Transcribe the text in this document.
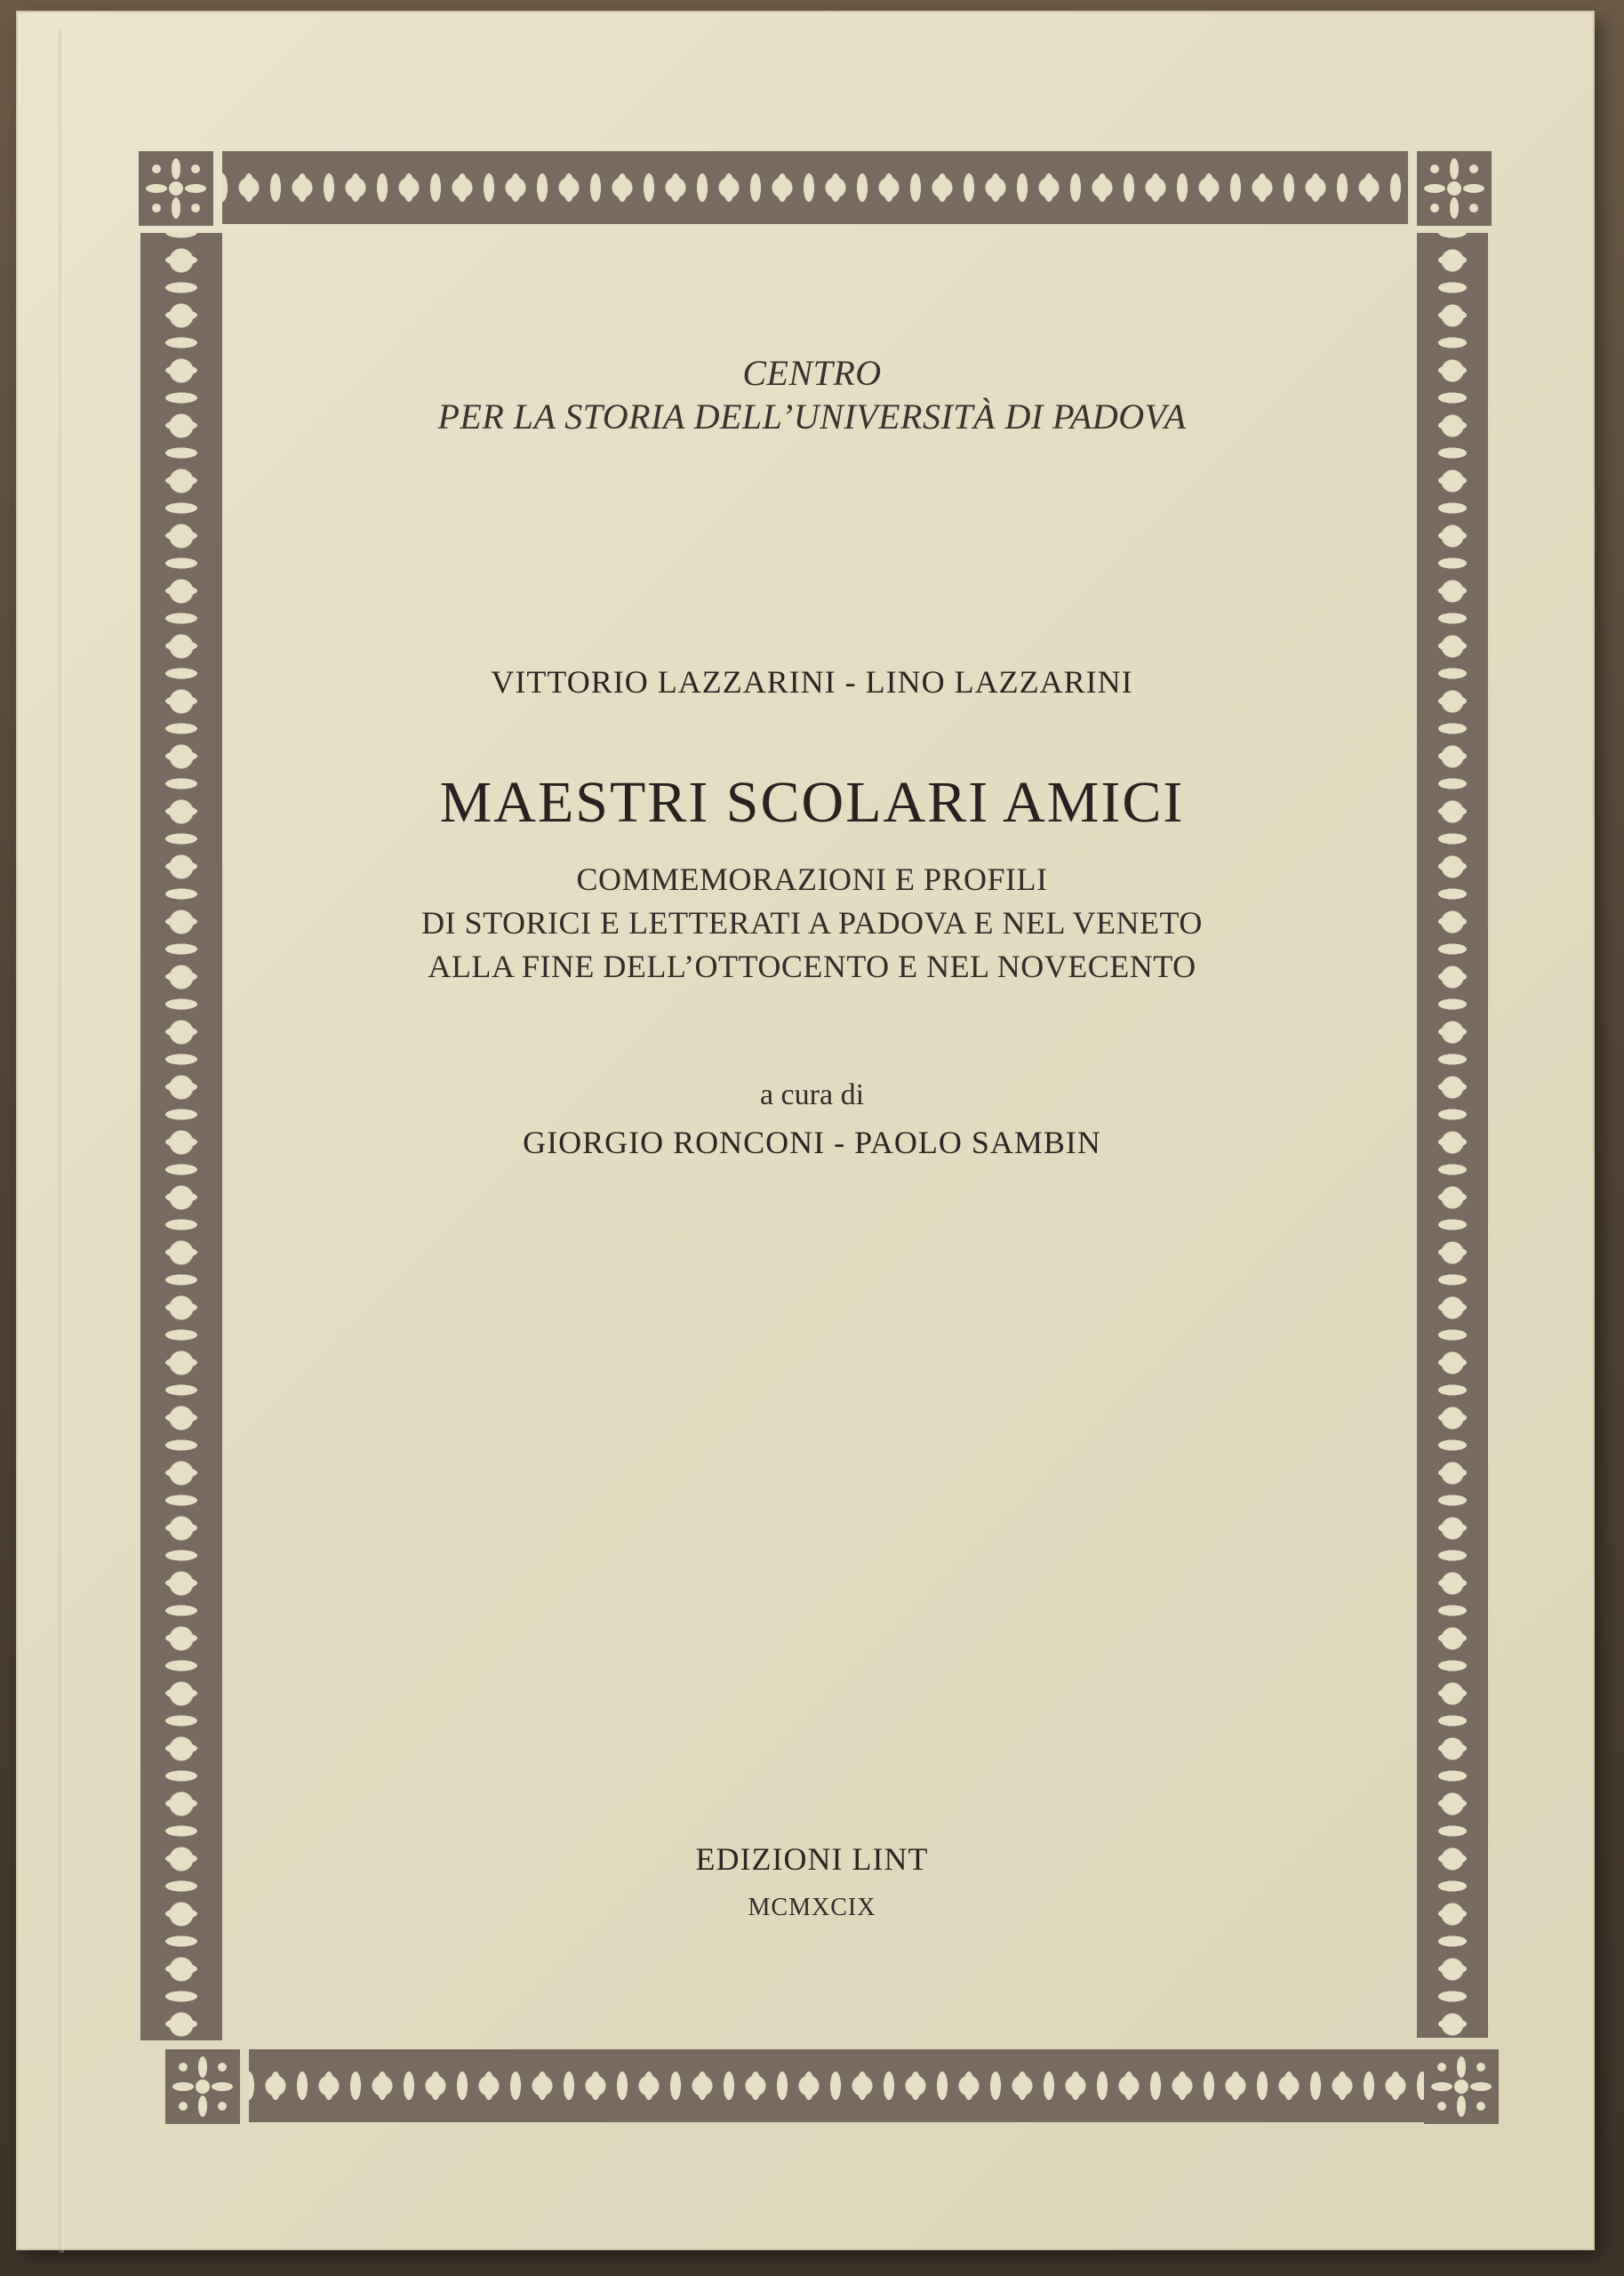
CENTRO
PER LA STORIA DELL’UNIVERSITÀ DI PADOVA
VITTORIO LAZZARINI - LINO LAZZARINI
MAESTRI SCOLARI AMICI
COMMEMORAZIONI E PROFILI
DI STORICI E LETTERATI A PADOVA E NEL VENETO
ALLA FINE DELL’OTTOCENTO E NEL NOVECENTO
a cura di
GIORGIO RONCONI - PAOLO SAMBIN
EDIZIONI LINT
MCMXCIX
